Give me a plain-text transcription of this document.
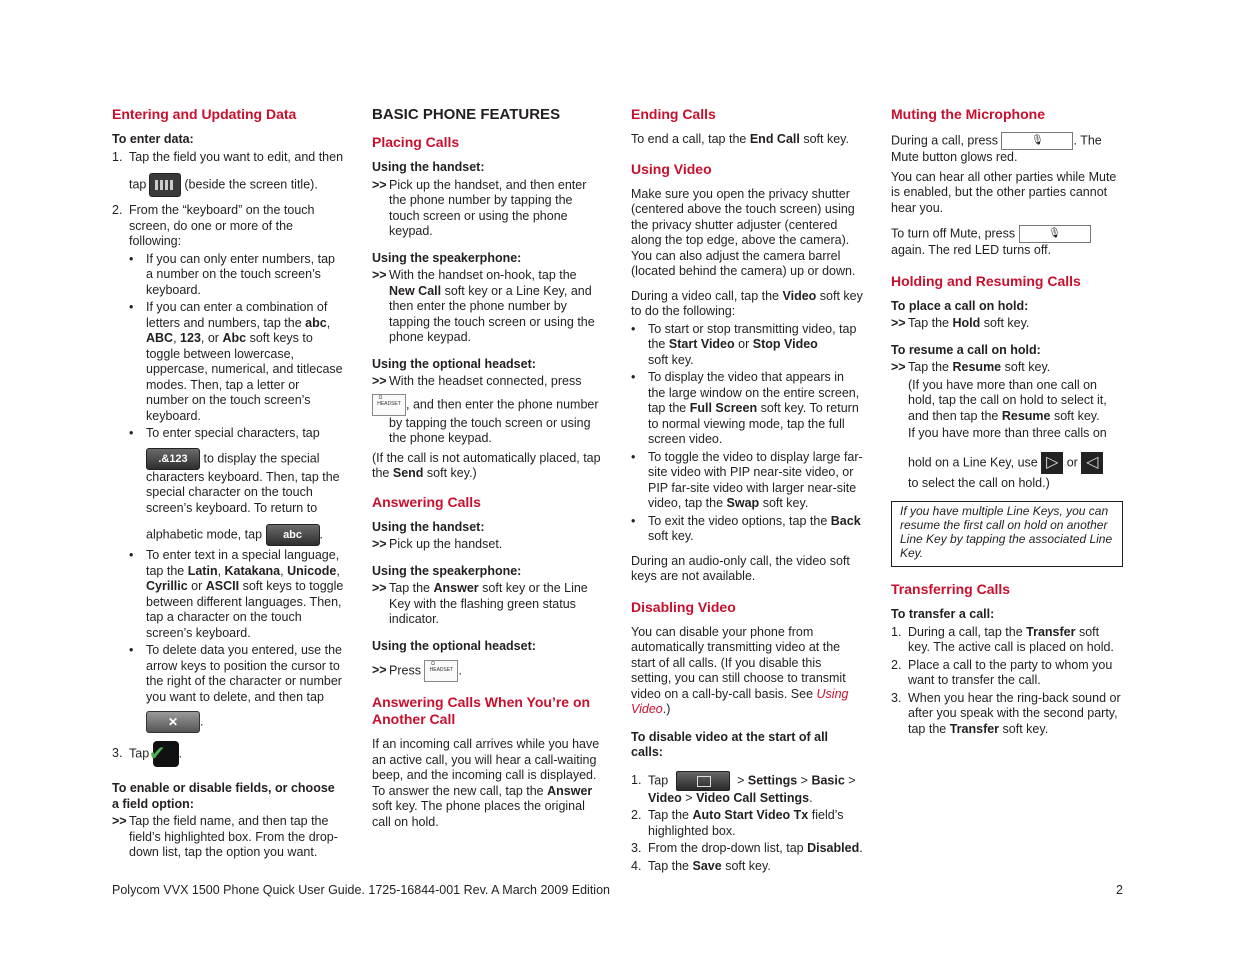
Entering and Updating Data
To enter data:
1. Tap the field you want to edit, and then
tap	(beside the screen title).
2. From the “keyboard” on the touch screen, do one or more of the following:
• If you can only enter numbers, tap a number on the touch screen’s keyboard.
• If you can enter a combination of letters and numbers, tap the abc, ABC, 123, or Abc soft keys to toggle between lowercase, uppercase, numerical, and titlecase modes. Then, tap a letter or number on the touch screen’s keyboard.
• To enter special characters, tap
.&123 to display the special characters keyboard. Then, tap the special character on the touch screen’s keyboard. To return to
alphabetic mode, tap abc .
• To enter text in a special language, tap the Latin, Katakana, Unicode, Cyrillic or ASCII soft keys to toggle between different languages. Then, tap a character on the touch screen’s keyboard.
• To delete data you entered, use the arrow keys to position the cursor to the right of the character or number you want to delete, and then tap
✕ .
3. Tap ✔ .
To enable or disable fields, or choose a field option:
>> Tap the field name, and then tap the field’s highlighted box. From the drop-down list, tap the option you want.
BASIC PHONE FEATURES
Placing Calls
Using the handset:
>> Pick up the handset, and then enter the phone number by tapping the touch screen or using the phone keypad.
Using the speakerphone:
>> With the handset on-hook, tap the New Call soft key or a Line Key, and then enter the phone number by tapping the touch screen or using the phone keypad.
Using the optional headset:
>> With the headset connected, press
Ω
HEADSET , and then enter the phone number by tapping the touch screen or using the phone keypad.

(If the call is not automatically placed, tap the Send soft key.)

Answering Calls
Using the handset:
>> Pick up the handset.
Using the speakerphone:
>> Tap the Answer soft key or the Line Key with the flashing green status indicator.
Using the optional headset:
>> Press Ω
HEADSET .
Answering Calls When You’re on Another Call

If an incoming call arrives while you have an active call, you will hear a call-waiting beep, and the incoming call is displayed. To answer the new call, tap the Answer soft key. The phone places the original call on hold.

Ending Calls

To end a call, tap the End Call soft key.

Using Video

Make sure you open the privacy shutter (centered above the touch screen) using the privacy shutter adjuster (centered along the top edge, above the camera). You can also adjust the camera barrel (located behind the camera) up or down.

During a video call, tap the Video soft key to do the following:

• To start or stop transmitting video, tap the Start Video or Stop Video
soft key.
• To display the video that appears in the large window on the entire screen, tap the Full Screen soft key. To return to normal viewing mode, tap the full screen video.
• To toggle the video to display large far-site video with PIP near-site video, or PIP far-site video with larger near-site video, tap the Swap soft key.
• To exit the video options, tap the Back soft key.

During an audio-only call, the video soft keys are not available.

Disabling Video

You can disable your phone from automatically transmitting video at the start of all calls. (If you disable this setting, you can still choose to transmit video on a call-by-call basis. See Using Video.)

To disable video at the start of all calls:
1. Tap	> Settings > Basic >
Video > Video Call Settings.
2. Tap the Auto Start Video Tx field’s highlighted box.
3. From the drop-down list, tap Disabled.
4. Tap the Save soft key.
Muting the Microphone

During a call, press	🎙 . The Mute button glows red.

You can hear all other parties while Mute is enabled, but the other parties cannot hear you.

To turn off Mute, press	🎙
again. The red LED turns off.

Holding and Resuming Calls
To place a call on hold:
>> Tap the Hold soft key.
To resume a call on hold:
>> Tap the Resume soft key.
(If you have more than one call on hold, tap the call on hold to select it, and then tap the Resume soft key.
If you have more than three calls on
hold on a Line Key, use ▷ or ◁
to select the call on hold.)
If you have multiple Line Keys, you can resume the first call on hold on another Line Key by tapping the associated Line Key.
Transferring Calls
To transfer a call:
1. During a call, tap the Transfer soft key. The active call is placed on hold.
2. Place a call to the party to whom you want to transfer the call.
3. When you hear the ring-back sound or after you speak with the second party, tap the Transfer soft key.
Polycom VVX 1500 Phone Quick User Guide. 1725-16844-001 Rev. A March 2009 Edition	2
